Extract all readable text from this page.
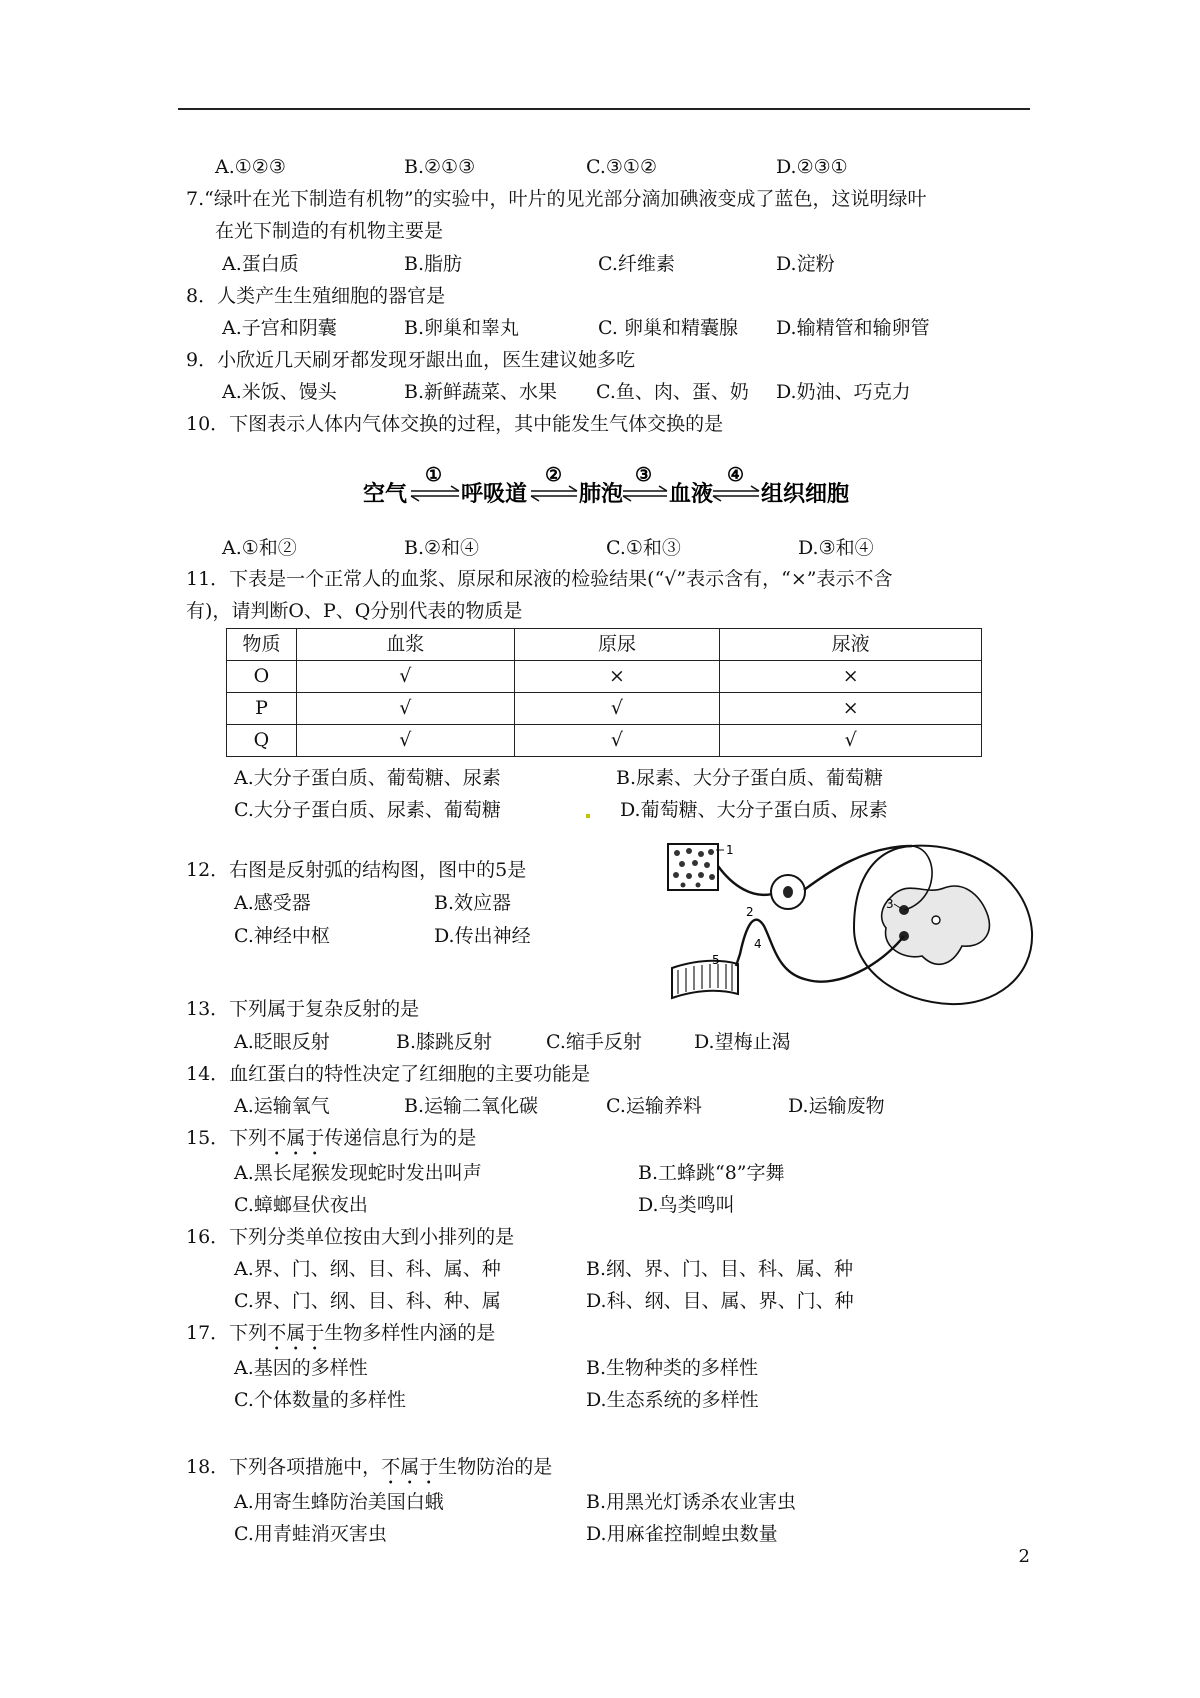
A.①②③	B.②①③	C.③①②	D.②③①
7.“绿叶在光下制造有机物”的实验中，叶片的见光部分滴加碘液变成了蓝色，这说明绿叶
在光下制造的有机物主要是
A.蛋白质	B.脂肪	C.纤维素	D.淀粉
8．人类产生生殖细胞的器官是
A.子宫和阴囊	B.卵巢和睾丸	C. 卵巢和精囊腺 D.输精管和输卵管
9．小欣近几天刷牙都发现牙龈出血，医生建议她多吃
A.米饭、馒头	B.新鲜蔬菜、水果 C.鱼、肉、蛋、奶 D.奶油、巧克力
10．下图表示人体内气体交换的过程，其中能发生气体交换的是
空气 呼吸道 肺泡 血液 组织细胞
①	②	③	④
A.①和②	B.②和④	C.①和③	D.③和④
11．下表是一个正常人的血浆、原尿和尿液的检验结果(“√”表示含有，“×”表示不含
有)，请判断O、P、Q分别代表的物质是
物质	血浆	原尿	尿液
O	√	×	×
P	√	√	×
Q	√	√	√
A.大分子蛋白质、葡萄糖、尿素	B.尿素、大分子蛋白质、葡萄糖
C.大分子蛋白质、尿素、葡萄糖	D.葡萄糖、大分子蛋白质、尿素
12．右图是反射弧的结构图，图中的5是
A.感受器	B.效应器
C.神经中枢	D.传出神经
1
2
3
4
5
13．下列属于复杂反射的是
A.眨眼反射	B.膝跳反射	C.缩手反射	D.望梅止渴
14．血红蛋白的特性决定了红细胞的主要功能是
A.运输氧气	B.运输二氧化碳	C.运输养料	D.运输废物
15．下列不属于传递信息行为的是
A.黑长尾猴发现蛇时发出叫声	B.工蜂跳“8”字舞
C.蟑螂昼伏夜出	D.鸟类鸣叫
16．下列分类单位按由大到小排列的是
A.界、门、纲、目、科、属、种	B.纲、界、门、目、科、属、种
C.界、门、纲、目、科、种、属	D.科、纲、目、属、界、门、种
17．下列不属于生物多样性内涵的是
A.基因的多样性	B.生物种类的多样性
C.个体数量的多样性	D.生态系统的多样性
18．下列各项措施中，不属于生物防治的是
A.用寄生蜂防治美国白蛾	B.用黑光灯诱杀农业害虫
C.用青蛙消灭害虫	D.用麻雀控制蝗虫数量
2
